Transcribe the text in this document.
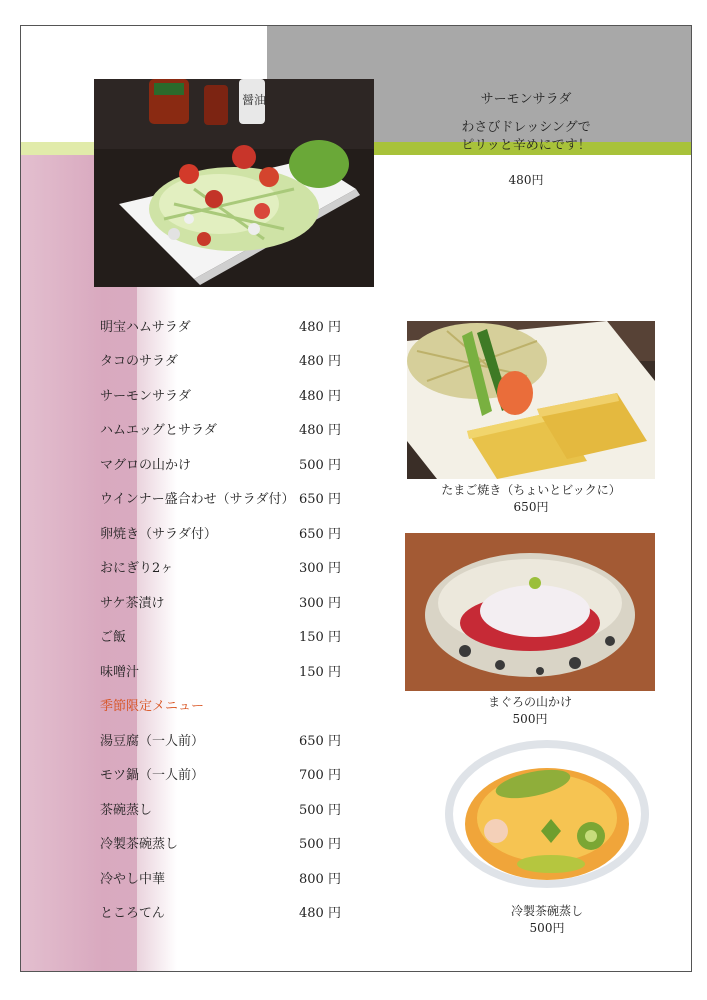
醤油	サーモンサラダ
わさびドレッシングで
ピリッと辛めにです！
480円
明宝ハムサラダ	480 円
タコのサラダ	480 円
サーモンサラダ	480 円
ハムエッグとサラダ	480 円
マグロの山かけ	500 円
ウインナー盛合わせ（サラダ付） 650 円
卵焼き（サラダ付）	650 円
おにぎり2ヶ	300 円
サケ茶漬け	300 円
ご飯	150 円
味噌汁	150 円
季節限定メニュー
湯豆腐（一人前）	650 円
モツ鍋（一人前）	700 円
茶碗蒸し	500 円
冷製茶碗蒸し	500 円
冷やし中華	800 円
ところてん	480 円
たまご焼き（ちょいとビックに）
650円
まぐろの山かけ
500円
冷製茶碗蒸し
500円
